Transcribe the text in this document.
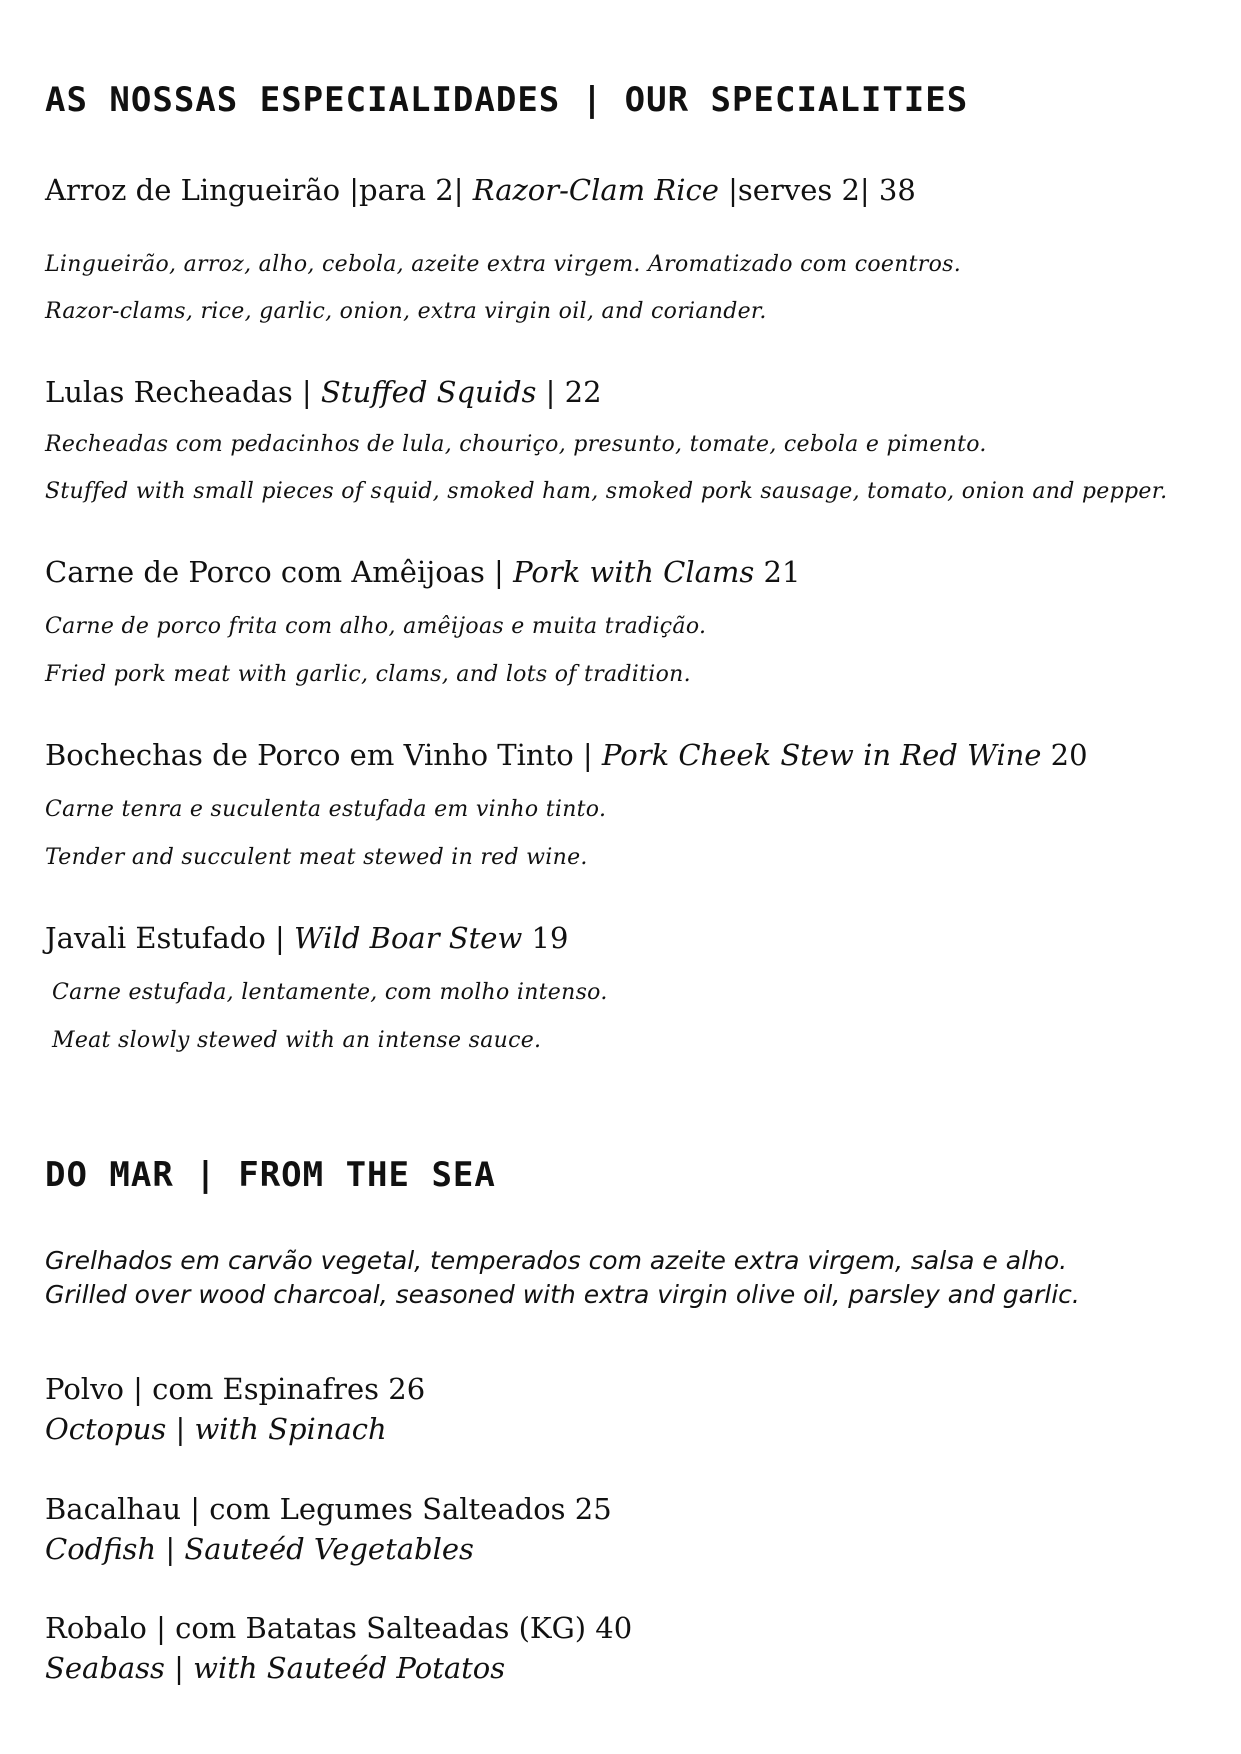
AS NOSSAS ESPECIALIDADES | OUR SPECIALITIES
Arroz de Lingueirão |para 2| Razor-Clam Rice |serves 2| 38

Lingueirão, arroz, alho, cebola, azeite extra virgem. Aromatizado com coentros.

Razor-clams, rice, garlic, onion, extra virgin oil, and coriander.

Lulas Recheadas | Stuffed Squids | 22

Recheadas com pedacinhos de lula, chouriço, presunto, tomate, cebola e pimento.

Stuffed with small pieces of squid, smoked ham, smoked pork sausage, tomato, onion and pepper.

Carne de Porco com Amêijoas | Pork with Clams 21

Carne de porco frita com alho, amêijoas e muita tradição.

Fried pork meat with garlic, clams, and lots of tradition.

Bochechas de Porco em Vinho Tinto | Pork Cheek Stew in Red Wine 20

Carne tenra e suculenta estufada em vinho tinto.

Tender and succulent meat stewed in red wine.

Javali Estufado | Wild Boar Stew 19

Carne estufada, lentamente, com molho intenso.

Meat slowly stewed with an intense sauce.

DO MAR | FROM THE SEA

Grelhados em carvão vegetal, temperados com azeite extra virgem, salsa e alho.

Grilled over wood charcoal, seasoned with extra virgin olive oil, parsley and garlic.

Polvo | com Espinafres 26
Octopus | with Spinach
Bacalhau | com Legumes Salteados 25
Codfish | Sauteéd Vegetables
Robalo | com Batatas Salteadas (KG) 40
Seabass | with Sauteéd Potatos
